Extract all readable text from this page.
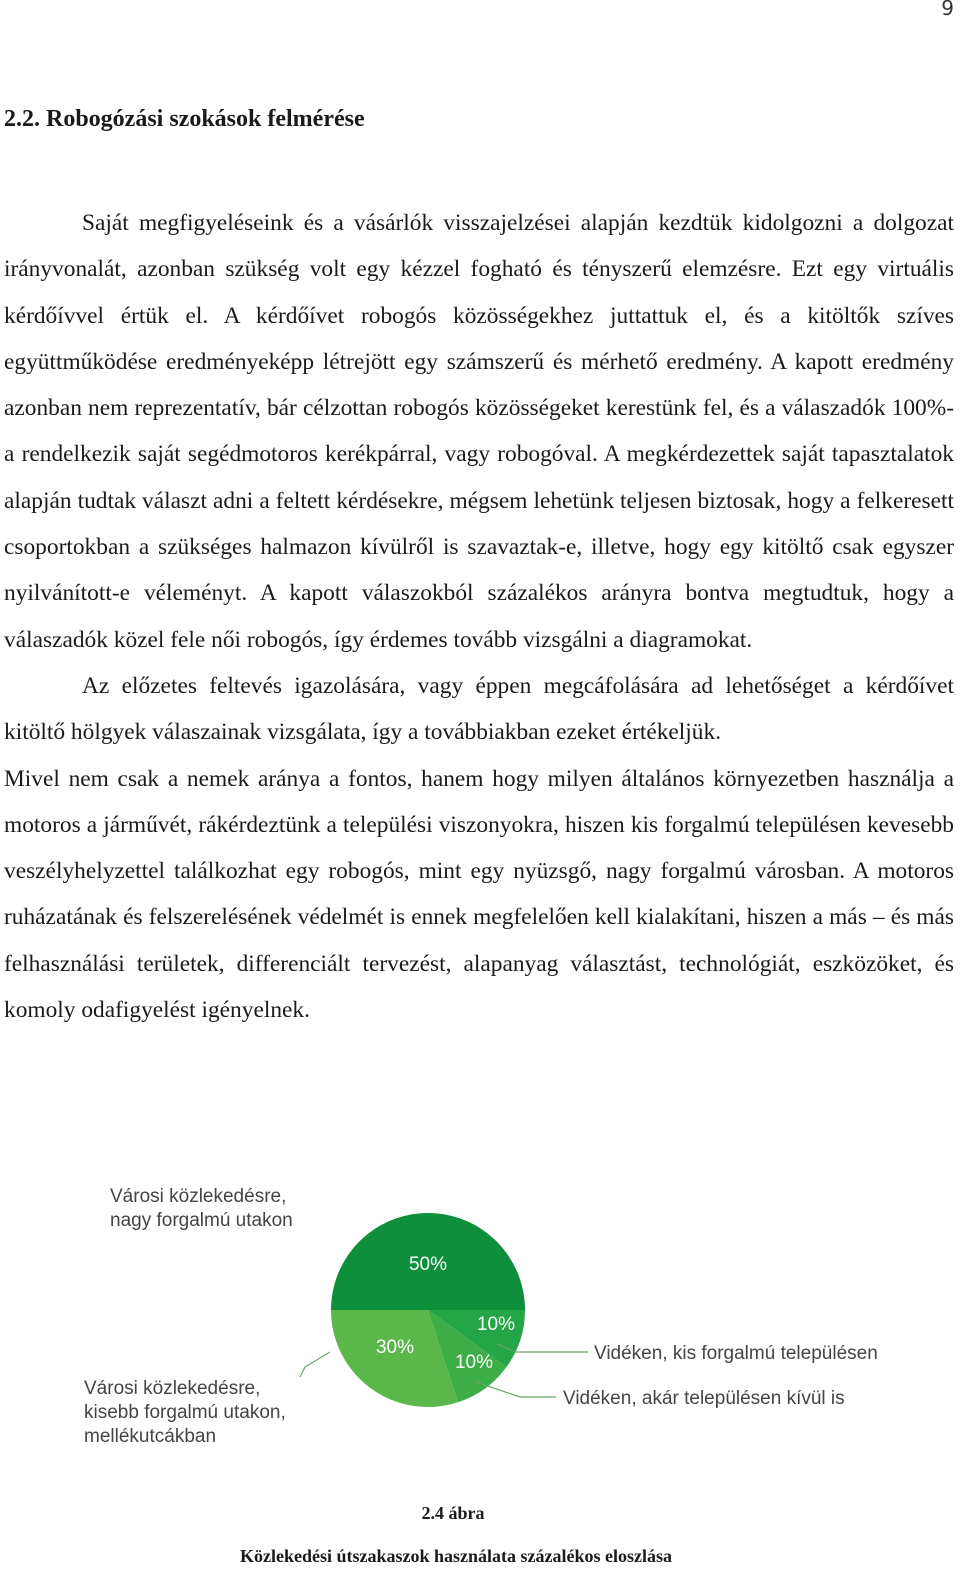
9
2.2. Robogózási szokások felmérése

Saját megfigyeléseink és a vásárlók visszajelzései alapján kezdtük kidolgozni a dolgozat irányvonalát, azonban szükség volt egy kézzel fogható és tényszerű elemzésre. Ezt egy virtuális kérdőívvel értük el. A kérdőívet robogós közösségekhez juttattuk el, és a kitöltők szíves együttműködése eredményeképp létrejött egy számszerű és mérhető eredmény. A kapott eredmény azonban nem reprezentatív, bár célzottan robogós közösségeket kerestünk fel, és a válaszadók 100%-a rendelkezik saját segédmotoros kerékpárral, vagy robogóval. A megkérdezettek saját tapasztalatok alapján tudtak választ adni a feltett kérdésekre, mégsem lehetünk teljesen biztosak, hogy a felkeresett csoportokban a szükséges halmazon kívülről is szavaztak-e, illetve, hogy egy kitöltő csak egyszer nyilvánított-e véleményt. A kapott válaszokból százalékos arányra bontva megtudtuk, hogy a válaszadók közel fele női robogós, így érdemes tovább vizsgálni a diagramokat.

Az előzetes feltevés igazolására, vagy éppen megcáfolására ad lehetőséget a kérdőívet kitöltő hölgyek válaszainak vizsgálata, így a továbbiakban ezeket értékeljük.

Mivel nem csak a nemek aránya a fontos, hanem hogy milyen általános környezetben használja a motoros a járművét, rákérdeztünk a települési viszonyokra, hiszen kis forgalmú településen kevesebb veszélyhelyzettel találkozhat egy robogós, mint egy nyüzsgő, nagy forgalmú városban. A motoros ruházatának és felszerelésének védelmét is ennek megfelelően kell kialakítani, hiszen a más – és más felhasználási területek, differenciált tervezést, alapanyag választást, technológiát, eszközöket, és komoly odafigyelést igényelnek.

50%
10%
10%
30%
Városi közlekedésre, nagy forgalmú utakon
Vidéken, kis forgalmú településen
Vidéken, akár településen kívül is
Városi közlekedésre, kisebb forgalmú utakon, mellékutcákban
2.4 ábra
Közlekedési útszakaszok használata százalékos eloszlása
